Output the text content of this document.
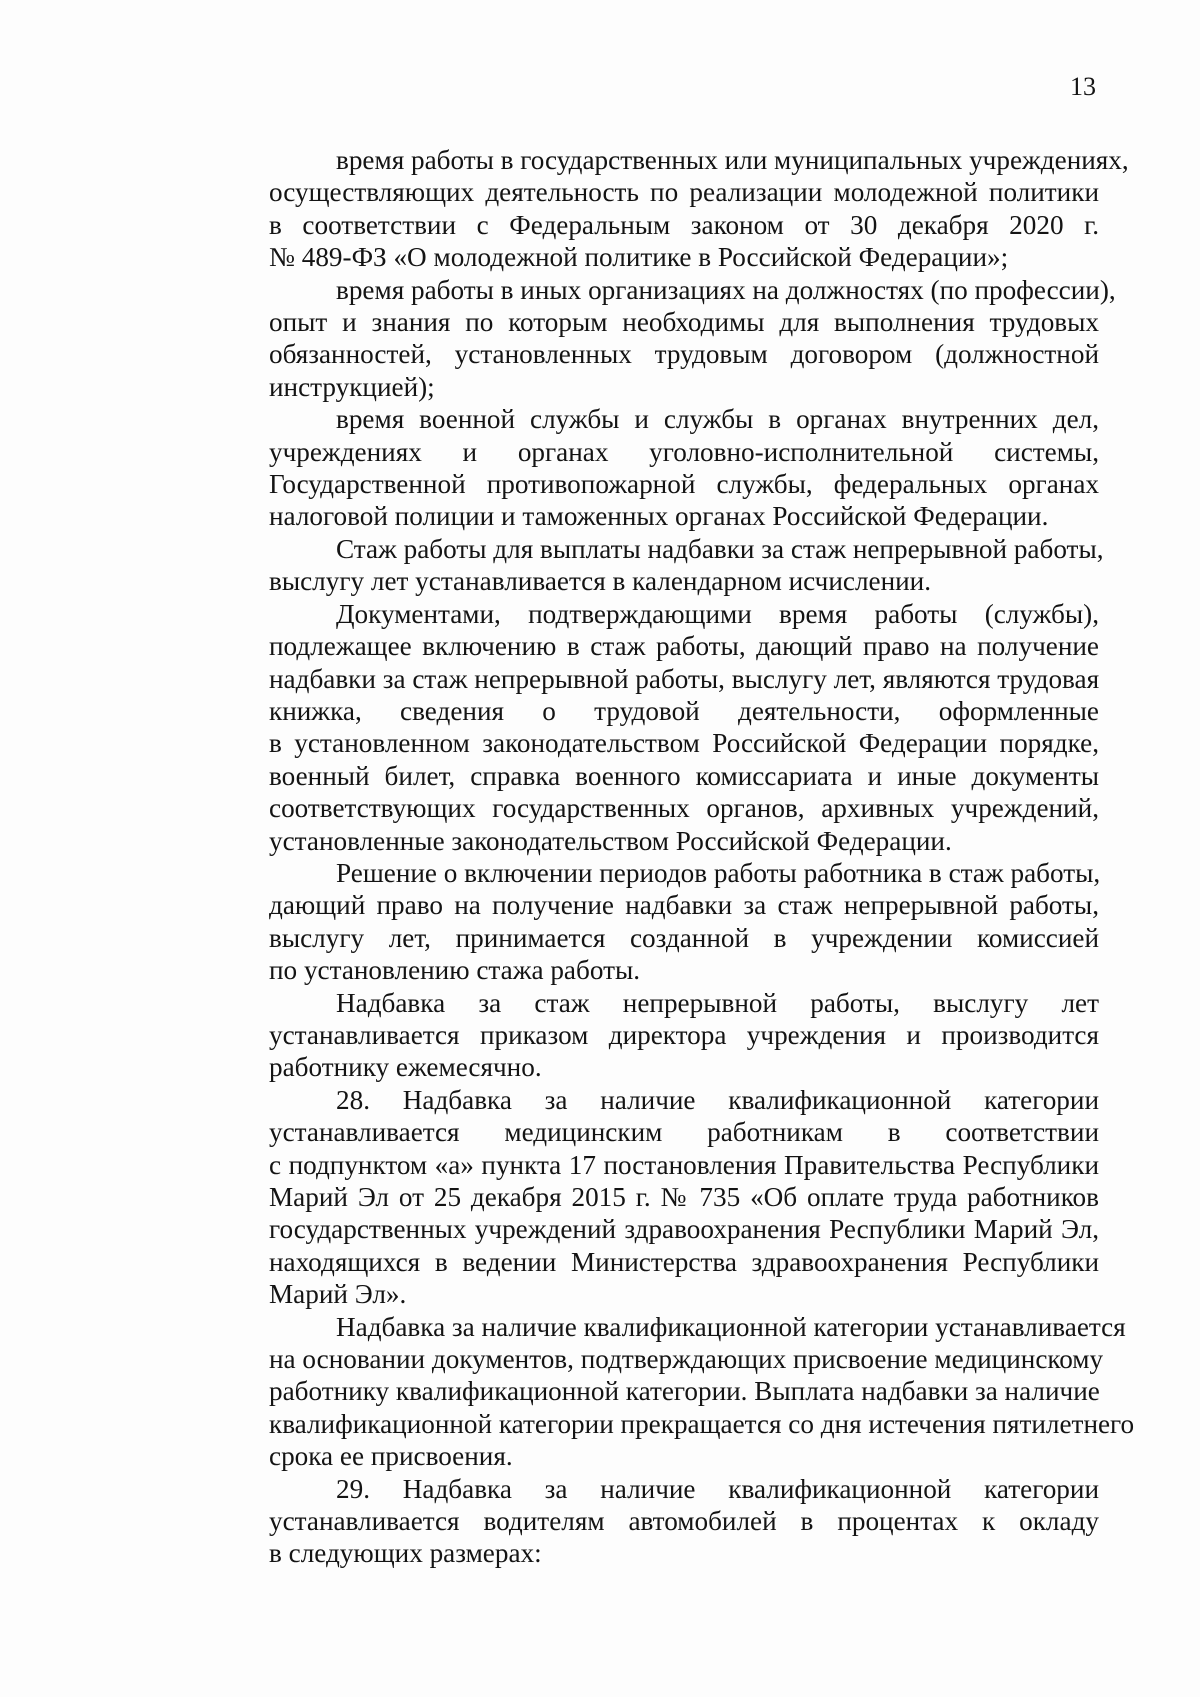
13

время работы в государственных или муниципальных учреждениях,
осуществляющих деятельность по реализации молодежной политики
в соответствии с Федеральным законом от 30 декабря 2020 г.
№ 489-ФЗ «О молодежной политике в Российской Федерации»;

время работы в иных организациях на должностях (по профессии),
опыт и знания по которым необходимы для выполнения трудовых
обязанностей, установленных трудовым договором (должностной
инструкцией);

время военной службы и службы в органах внутренних дел,
учреждениях и органах уголовно-исполнительной системы,
Государственной противопожарной службы, федеральных органах
налоговой полиции и таможенных органах Российской Федерации.

Стаж работы для выплаты надбавки за стаж непрерывной работы,
выслугу лет устанавливается в календарном исчислении.

Документами, подтверждающими время работы (службы),
подлежащее включению в стаж работы, дающий право на получение
надбавки за стаж непрерывной работы, выслугу лет, являются трудовая
книжка, сведения о трудовой деятельности, оформленные
в установленном законодательством Российской Федерации порядке,
военный билет, справка военного комиссариата и иные документы
соответствующих государственных органов, архивных учреждений,
установленные законодательством Российской Федерации.

Решение о включении периодов работы работника в стаж работы,
дающий право на получение надбавки за стаж непрерывной работы,
выслугу лет, принимается созданной в учреждении комиссией
по установлению стажа работы.

Надбавка за стаж непрерывной работы, выслугу лет
устанавливается приказом директора учреждения и производится
работнику ежемесячно.

28. Надбавка за наличие квалификационной категории
устанавливается медицинским работникам в соответствии
с подпунктом «а» пункта 17 постановления Правительства Республики
Марий Эл от 25 декабря 2015 г. № 735 «Об оплате труда работников
государственных учреждений здравоохранения Республики Марий Эл,
находящихся в ведении Министерства здравоохранения Республики
Марий Эл».

Надбавка за наличие квалификационной категории устанавливается
на основании документов, подтверждающих присвоение медицинскому
работнику квалификационной категории. Выплата надбавки за наличие
квалификационной категории прекращается со дня истечения пятилетнего
срока ее присвоения.

29. Надбавка за наличие квалификационной категории
устанавливается водителям автомобилей в процентах к окладу
в следующих размерах:
